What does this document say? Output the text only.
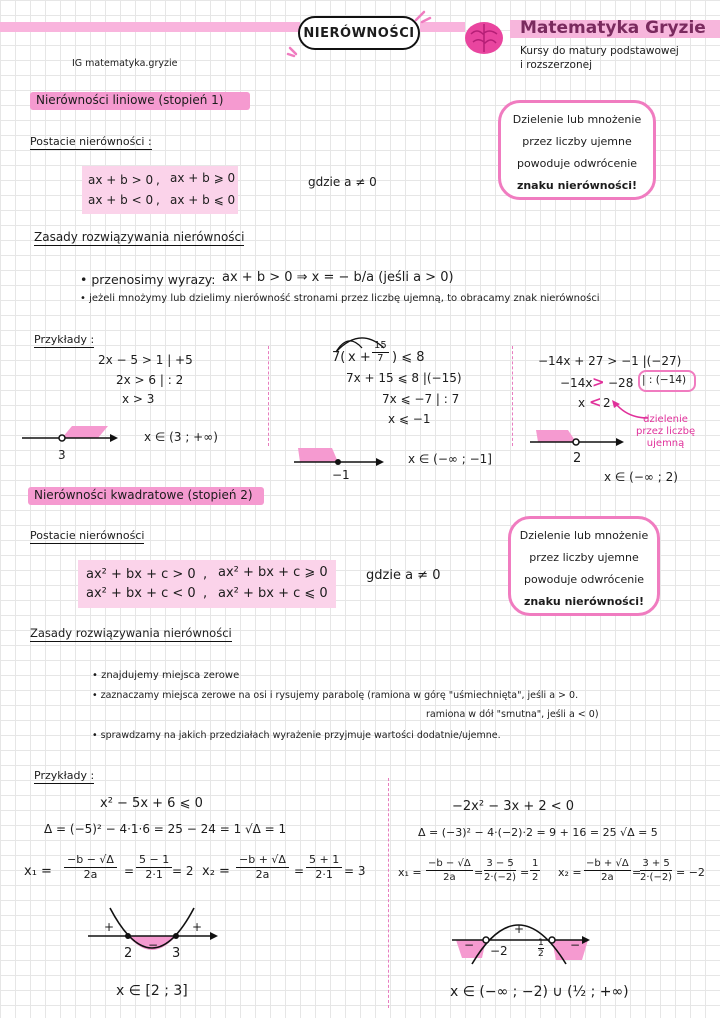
NIERÓWNOŚCI	Matematyka Gryzie
Kursy do matury podstawowej
i rozszerzonej
IG matematyka.gryzie
Nierówności liniowe (stopień 1)
Postacie nierówności :
ax + b > 0 , ax + b ⩾ 0
ax + b < 0 , ax + b ⩽ 0
gdzie a ≠ 0
Dzielenie lub mnożenie
przez liczby ujemne
powoduje odwrócenie
znaku nierówności!
Zasady rozwiązywania nierówności
• przenosimy wyrazy: ax + b > 0 ⇒ x = − b/a (jeśli a > 0)
• jeżeli mnożymy lub dzielimy nierówność stronami przez liczbę ujemną, to obracamy znak nierówności
Przykłady :
2x − 5 > 1 | +5
2x > 6 | : 2
x > 3
3
x ∈ (3 ; +∞)
7( $x + \frac{15}{7}$ ) ⩽ 8
7x + 15 ⩽ 8 |(−15)
7x ⩽ −7 | : 7
x ⩽ −1
−1
x ∈ (−∞ ; −1]
−14x + 27 > −1 |(−27)
−14x > −28 | : (−14)
x < 2
dzielenie
przez liczbę
ujemną
2
x ∈ (−∞ ; 2)
Nierówności kwadratowe (stopień 2)
Postacie nierówności
ax² + bx + c > 0 , ax² + bx + c ⩾ 0
ax² + bx + c < 0 , ax² + bx + c ⩽ 0
gdzie a ≠ 0
Dzielenie lub mnożenie
przez liczby ujemne
powoduje odwrócenie
znaku nierówności!
Zasady rozwiązywania nierówności
• znajdujemy miejsca zerowe
• zaznaczamy miejsca zerowe na osi i rysujemy parabolę (ramiona w górę "uśmiechnięta", jeśli a > 0.
ramiona w dół "smutna", jeśli a < 0)
• sprawdzamy na jakich przedziałach wyrażenie przyjmuje wartości dodatnie/ujemne.
Przykłady :
x² − 5x + 6 ⩽ 0
Δ = (−5)² − 4·1·6 = 25 − 24 = 1 √Δ = 1
$x_1 = \frac{-b - √\Delta}{2a}$ =
5 − 1
2·1 = 2 $x_2 = \frac{-b + √\Delta}{2a}$ =
5 + 1
2·1 = 3
+	+
−
2	3
x ∈ [2 ; 3]
−2x² − 3x + 2 < 0
Δ = (−3)² − 4·(−2)·2 = 9 + 16 = 25 √Δ = 5
$x_1 = \frac{-b - √\Delta}{2a}$ =
3 − 5
$2\cdot(-2) = \frac{1}{2} x_2 = \frac{-b + √\Delta}{2a}$ =
3 + 5
2·(−2) = −2
+
−	−
−2	$\frac{1}{2}$
x ∈ (−∞ ; −2) ∪ (½ ; +∞)
